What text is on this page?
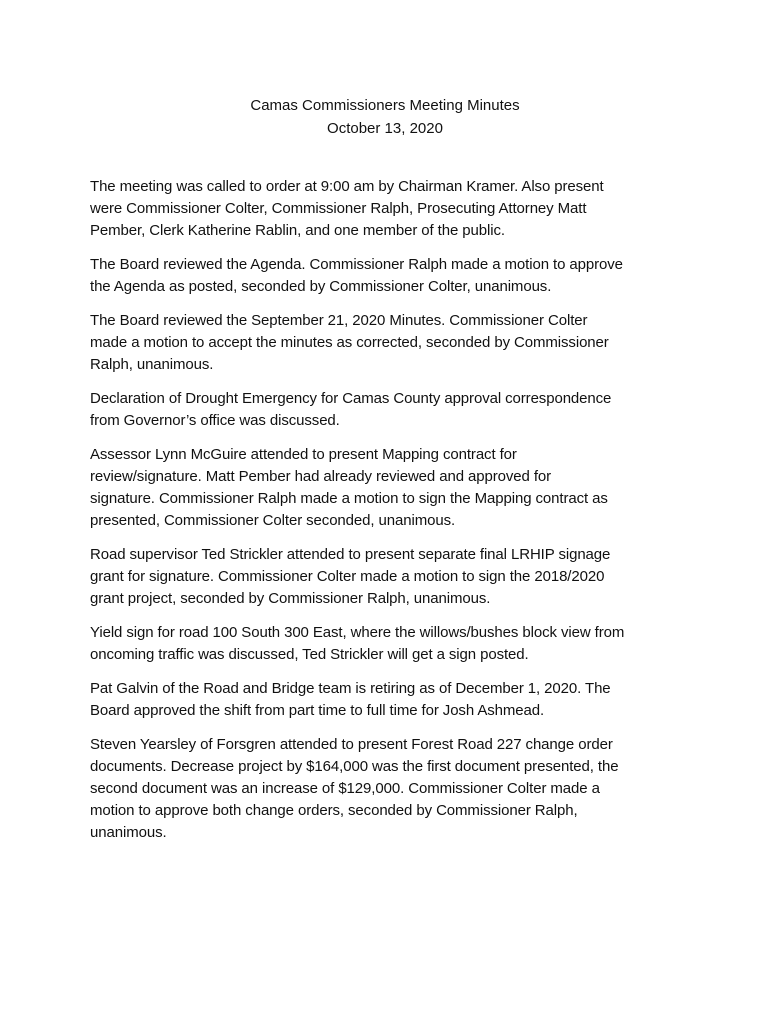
Camas Commissioners Meeting Minutes
October 13, 2020
The meeting was called to order at 9:00 am by Chairman Kramer. Also present
were Commissioner Colter, Commissioner Ralph, Prosecuting Attorney Matt
Pember, Clerk Katherine Rablin, and one member of the public.
The Board reviewed the Agenda. Commissioner Ralph made a motion to approve
the Agenda as posted, seconded by Commissioner Colter, unanimous.
The Board reviewed the September 21, 2020 Minutes. Commissioner Colter
made a motion to accept the minutes as corrected, seconded by Commissioner
Ralph, unanimous.
Declaration of Drought Emergency for Camas County approval correspondence
from Governor’s office was discussed.
Assessor Lynn McGuire attended to present Mapping contract for
review/signature. Matt Pember had already reviewed and approved for
signature. Commissioner Ralph made a motion to sign the Mapping contract as
presented, Commissioner Colter seconded, unanimous.
Road supervisor Ted Strickler attended to present separate final LRHIP signage
grant for signature. Commissioner Colter made a motion to sign the 2018/2020
grant project, seconded by Commissioner Ralph, unanimous.
Yield sign for road 100 South 300 East, where the willows/bushes block view from
oncoming traffic was discussed, Ted Strickler will get a sign posted.
Pat Galvin of the Road and Bridge team is retiring as of December 1, 2020. The
Board approved the shift from part time to full time for Josh Ashmead.
Steven Yearsley of Forsgren attended to present Forest Road 227 change order
documents. Decrease project by $164,000 was the first document presented, the
second document was an increase of $129,000. Commissioner Colter made a
motion to approve both change orders, seconded by Commissioner Ralph,
unanimous.
